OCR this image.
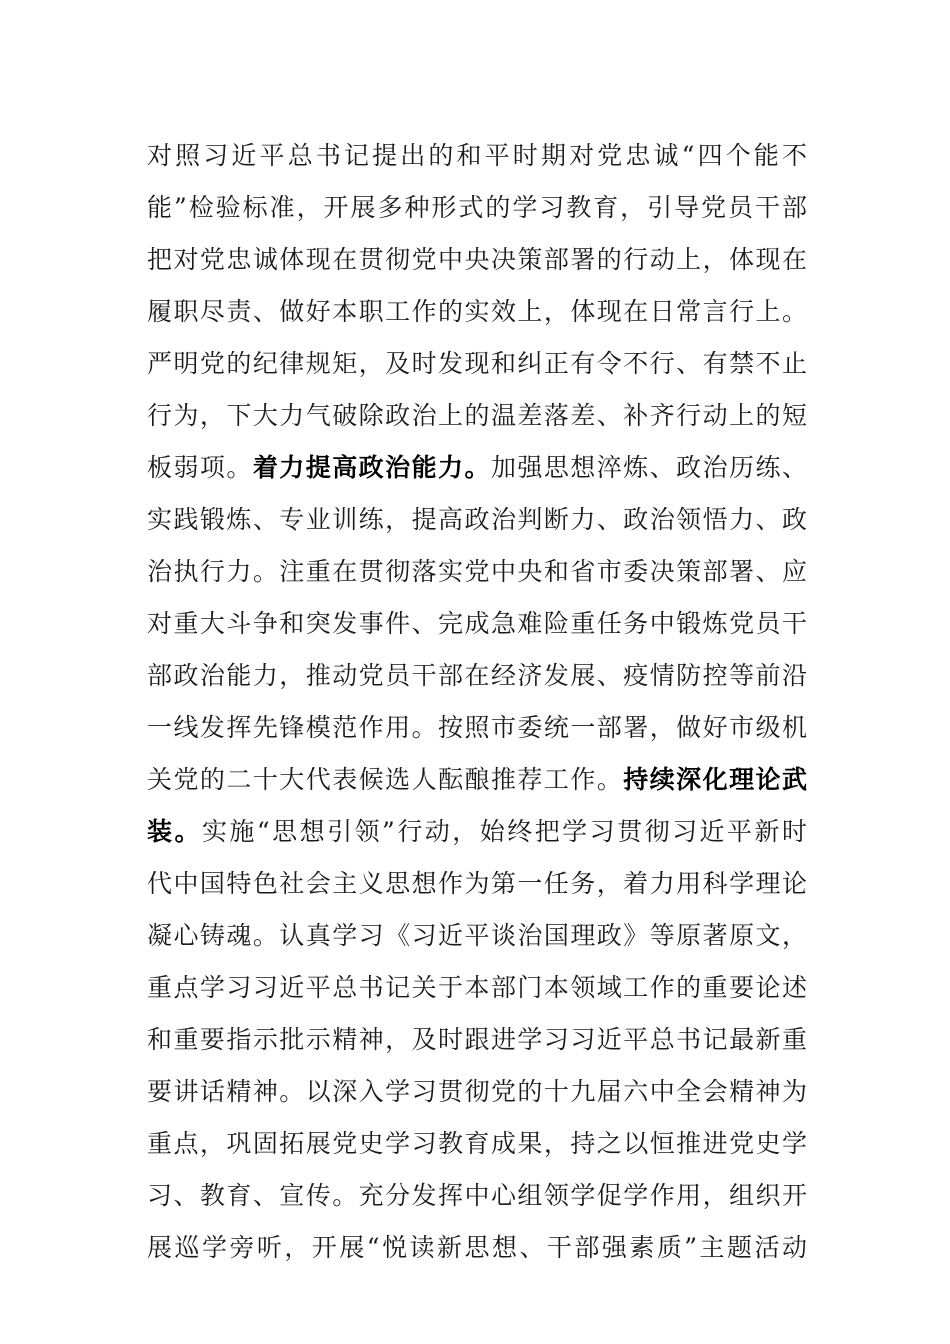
对照习近平总书记提出的和平时期对党忠诚“四个能不
能”检验标准，开展多种形式的学习教育，引导党员干部
把对党忠诚体现在贯彻党中央决策部署的行动上，体现在
履职尽责、做好本职工作的实效上，体现在日常言行上。
严明党的纪律规矩，及时发现和纠正有令不行、有禁不止
行为，下大力气破除政治上的温差落差、补齐行动上的短
板弱项。着力提高政治能力。加强思想淬炼、政治历练、
实践锻炼、专业训练，提高政治判断力、政治领悟力、政
治执行力。注重在贯彻落实党中央和省市委决策部署、应
对重大斗争和突发事件、完成急难险重任务中锻炼党员干
部政治能力，推动党员干部在经济发展、疫情防控等前沿
一线发挥先锋模范作用。按照市委统一部署，做好市级机
关党的二十大代表候选人酝酿推荐工作。持续深化理论武
装。实施“思想引领”行动，始终把学习贯彻习近平新时
代中国特色社会主义思想作为第一任务，着力用科学理论
凝心铸魂。认真学习《习近平谈治国理政》等原著原文，
重点学习习近平总书记关于本部门本领域工作的重要论述
和重要指示批示精神，及时跟进学习习近平总书记最新重
要讲话精神。以深入学习贯彻党的十九届六中全会精神为
重点，巩固拓展党史学习教育成果，持之以恒推进党史学
习、教育、宣传。充分发挥中心组领学促学作用，组织开
展巡学旁听，开展“悦读新思想、干部强素质”主题活动
